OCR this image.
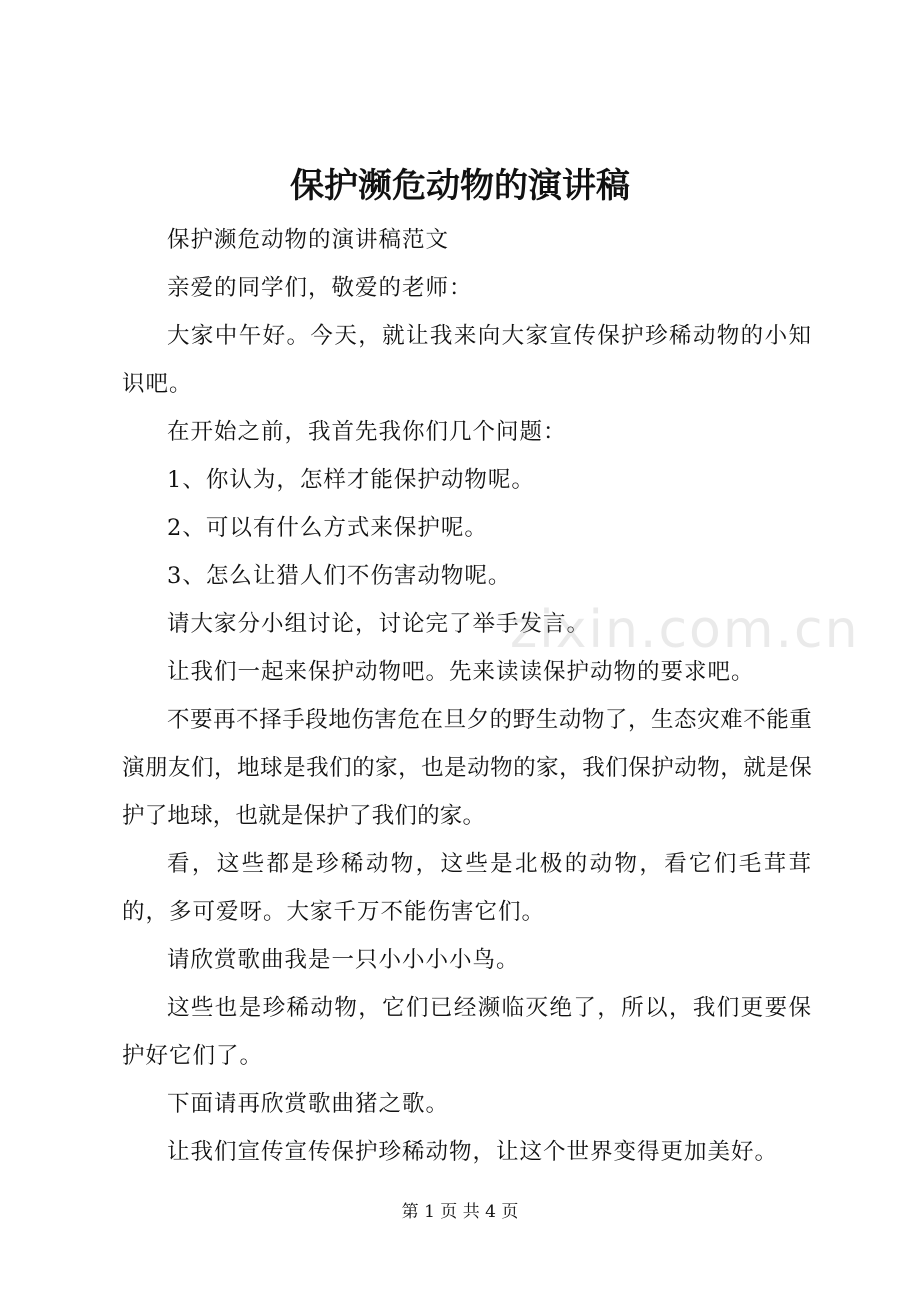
保护濒危动物的演讲稿

保护濒危动物的演讲稿范文

亲爱的同学们，敬爱的老师：

大家中午好。今天，就让我来向大家宣传保护珍稀动物的小知识吧。

在开始之前，我首先我你们几个问题：

1、你认为，怎样才能保护动物呢。

2、可以有什么方式来保护呢。

3、怎么让猎人们不伤害动物呢。

请大家分小组讨论，讨论完了举手发言。

让我们一起来保护动物吧。先来读读保护动物的要求吧。

不要再不择手段地伤害危在旦夕的野生动物了，生态灾难不能重演朋友们，地球是我们的家，也是动物的家，我们保护动物，就是保护了地球，也就是保护了我们的家。

看，这些都是珍稀动物，这些是北极的动物，看它们毛茸茸的，多可爱呀。大家千万不能伤害它们。

请欣赏歌曲我是一只小小小小鸟。

这些也是珍稀动物，它们已经濒临灭绝了，所以，我们更要保护好它们了。

下面请再欣赏歌曲猪之歌。

让我们宣传宣传保护珍稀动物，让这个世界变得更加美好。

zixin.com.cn
第 1 页 共 4 页
